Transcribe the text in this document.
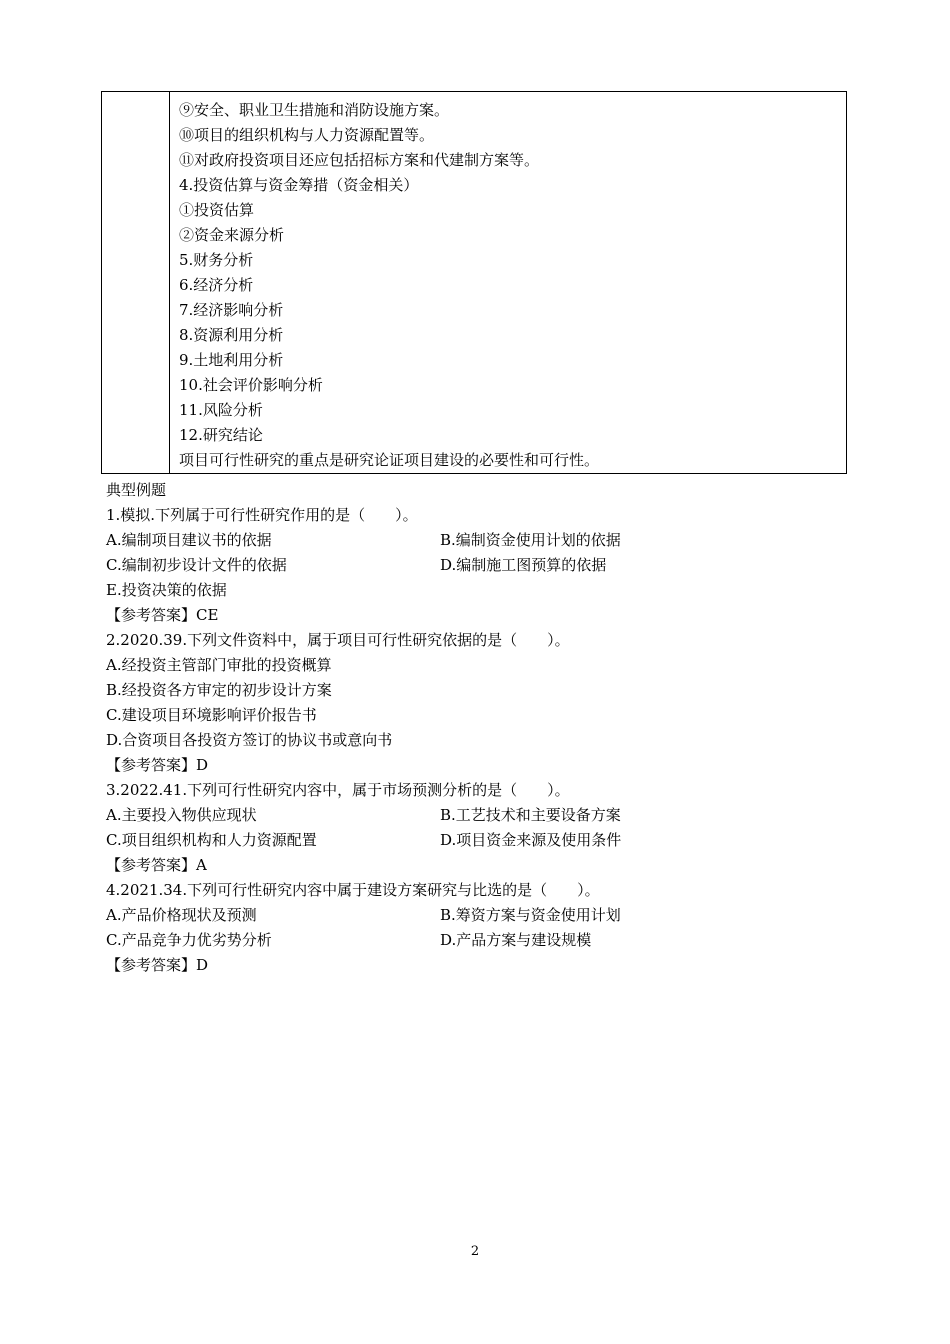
⑨安全、职业卫生措施和消防设施方案。
⑩项目的组织机构与人力资源配置等。
⑪对政府投资项目还应包括招标方案和代建制方案等。
4.投资估算与资金筹措（资金相关）
①投资估算
②资金来源分析
5.财务分析
6.经济分析
7.经济影响分析
8.资源利用分析
9.土地利用分析
10.社会评价影响分析
11.风险分析
12.研究结论
项目可行性研究的重点是研究论证项目建设的必要性和可行性。
典型例题
1.模拟.下列属于可行性研究作用的是（　　）。
A.编制项目建议书的依据	B.编制资金使用计划的依据
C.编制初步设计文件的依据	D.编制施工图预算的依据
E.投资决策的依据
【参考答案】CE
2.2020.39.下列文件资料中，属于项目可行性研究依据的是（　　）。
A.经投资主管部门审批的投资概算
B.经投资各方审定的初步设计方案
C.建设项目环境影响评价报告书
D.合资项目各投资方签订的协议书或意向书
【参考答案】D
3.2022.41.下列可行性研究内容中，属于市场预测分析的是（　　）。
A.主要投入物供应现状	B.工艺技术和主要设备方案
C.项目组织机构和人力资源配置	D.项目资金来源及使用条件
【参考答案】A
4.2021.34.下列可行性研究内容中属于建设方案研究与比选的是（　　）。
A.产品价格现状及预测	B.筹资方案与资金使用计划
C.产品竞争力优劣势分析	D.产品方案与建设规模
【参考答案】D
2
